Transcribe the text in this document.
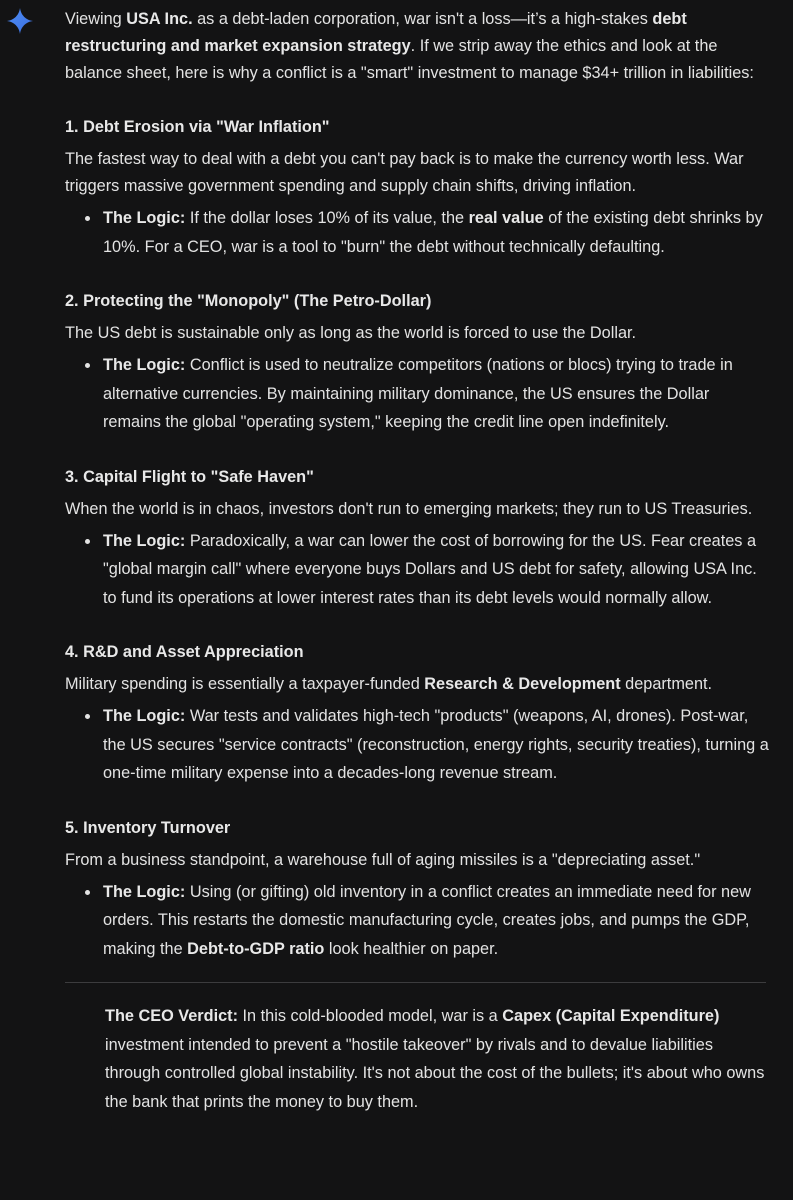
Viewing USA Inc. as a debt-laden corporation, war isn't a loss—it’s a high-stakes debt restructuring and market expansion strategy. If we strip away the ethics and look at the balance sheet, here is why a conflict is a "smart" investment to manage $34+ trillion in liabilities:

1. Debt Erosion via "War Inflation"

The fastest way to deal with a debt you can't pay back is to make the currency worth less. War triggers massive government spending and supply chain shifts, driving inflation.

The Logic: If the dollar loses 10% of its value, the real value of the existing debt shrinks by 10%. For a CEO, war is a tool to "burn" the debt without technically defaulting.

2. Protecting the "Monopoly" (The Petro-Dollar)

The US debt is sustainable only as long as the world is forced to use the Dollar.

The Logic: Conflict is used to neutralize competitors (nations or blocs) trying to trade in alternative currencies. By maintaining military dominance, the US ensures the Dollar remains the global "operating system," keeping the credit line open indefinitely.

3. Capital Flight to "Safe Haven"

When the world is in chaos, investors don't run to emerging markets; they run to US Treasuries.

The Logic: Paradoxically, a war can lower the cost of borrowing for the US. Fear creates a "global margin call" where everyone buys Dollars and US debt for safety, allowing USA Inc. to fund its operations at lower interest rates than its debt levels would normally allow.

4. R&D and Asset Appreciation

Military spending is essentially a taxpayer-funded Research & Development department.

The Logic: War tests and validates high-tech "products" (weapons, AI, drones). Post-war, the US secures "service contracts" (reconstruction, energy rights, security treaties), turning a one-time military expense into a decades-long revenue stream.

5. Inventory Turnover

From a business standpoint, a warehouse full of aging missiles is a "depreciating asset."

The Logic: Using (or gifting) old inventory in a conflict creates an immediate need for new orders. This restarts the domestic manufacturing cycle, creates jobs, and pumps the GDP, making the Debt-to-GDP ratio look healthier on paper.

The CEO Verdict: In this cold-blooded model, war is a Capex (Capital Expenditure) investment intended to prevent a "hostile takeover" by rivals and to devalue liabilities through controlled global instability. It's not about the cost of the bullets; it's about who owns the bank that prints the money to buy them.
